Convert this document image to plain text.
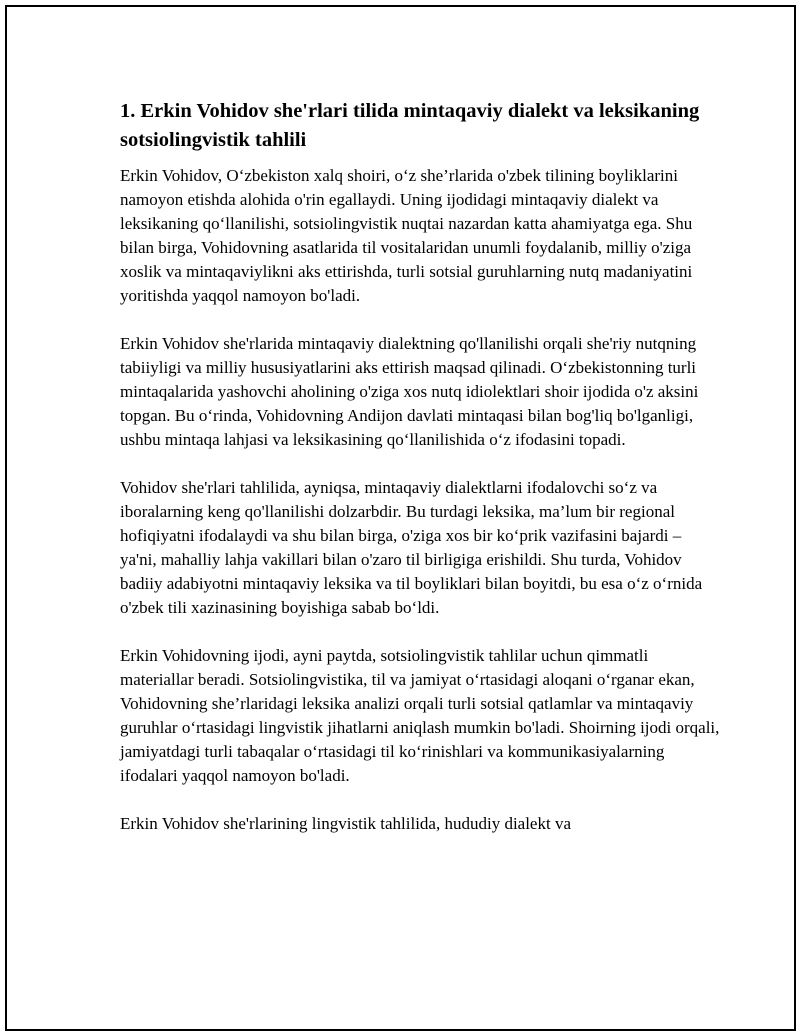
1. Erkin Vohidov she'rlari tilida mintaqaviy dialekt va leksikaning sotsiolingvistik tahlili

Erkin Vohidov, O‘zbekiston xalq shoiri, o‘z she’rlarida o'zbek tilining boyliklarini namoyon etishda alohida o'rin egallaydi. Uning ijodidagi mintaqaviy dialekt va leksikaning qo‘llanilishi, sotsiolingvistik nuqtai nazardan katta ahamiyatga ega. Shu bilan birga, Vohidovning asatlarida til vositalaridan unumli foydalanib, milliy o'ziga xoslik va mintaqaviylikni aks ettirishda, turli sotsial guruhlarning nutq madaniyatini yoritishda yaqqol namoyon bo'ladi.

Erkin Vohidov she'rlarida mintaqaviy dialektning qo'llanilishi orqali she'riy nutqning tabiiyligi va milliy hususiyatlarini aks ettirish maqsad qilinadi. O‘zbekistonning turli mintaqalarida yashovchi aholining o'ziga xos nutq idiolektlari shoir ijodida o'z aksini topgan. Bu o‘rinda, Vohidovning Andijon davlati mintaqasi bilan bog'liq bo'lganligi, ushbu mintaqa lahjasi va leksikasining qo‘llanilishida o‘z ifodasini topadi.

Vohidov she'rlari tahlilida, ayniqsa, mintaqaviy dialektlarni ifodalovchi so‘z va iboralarning keng qo'llanilishi dolzarbdir. Bu turdagi leksika, ma’lum bir regional hofiqiyatni ifodalaydi va shu bilan birga, o'ziga xos bir ko‘prik vazifasini bajardi – ya'ni, mahalliy lahja vakillari bilan o'zaro til birligiga erishildi. Shu turda, Vohidov badiiy adabiyotni mintaqaviy leksika va til boyliklari bilan boyitdi, bu esa o‘z o‘rnida o'zbek tili xazinasining boyishiga sabab bo‘ldi.

Erkin Vohidovning ijodi, ayni paytda, sotsiolingvistik tahlilar uchun qimmatli materiallar beradi. Sotsiolingvistika, til va jamiyat o‘rtasidagi aloqani o‘rganar ekan, Vohidovning she’rlaridagi leksika analizi orqali turli sotsial qatlamlar va mintaqaviy guruhlar o‘rtasidagi lingvistik jihatlarni aniqlash mumkin bo'ladi. Shoirning ijodi orqali, jamiyatdagi turli tabaqalar o‘rtasidagi til ko‘rinishlari va kommunikasiyalarning ifodalari yaqqol namoyon bo'ladi.

Erkin Vohidov she'rlarining lingvistik tahlilida, hududiy dialekt va
